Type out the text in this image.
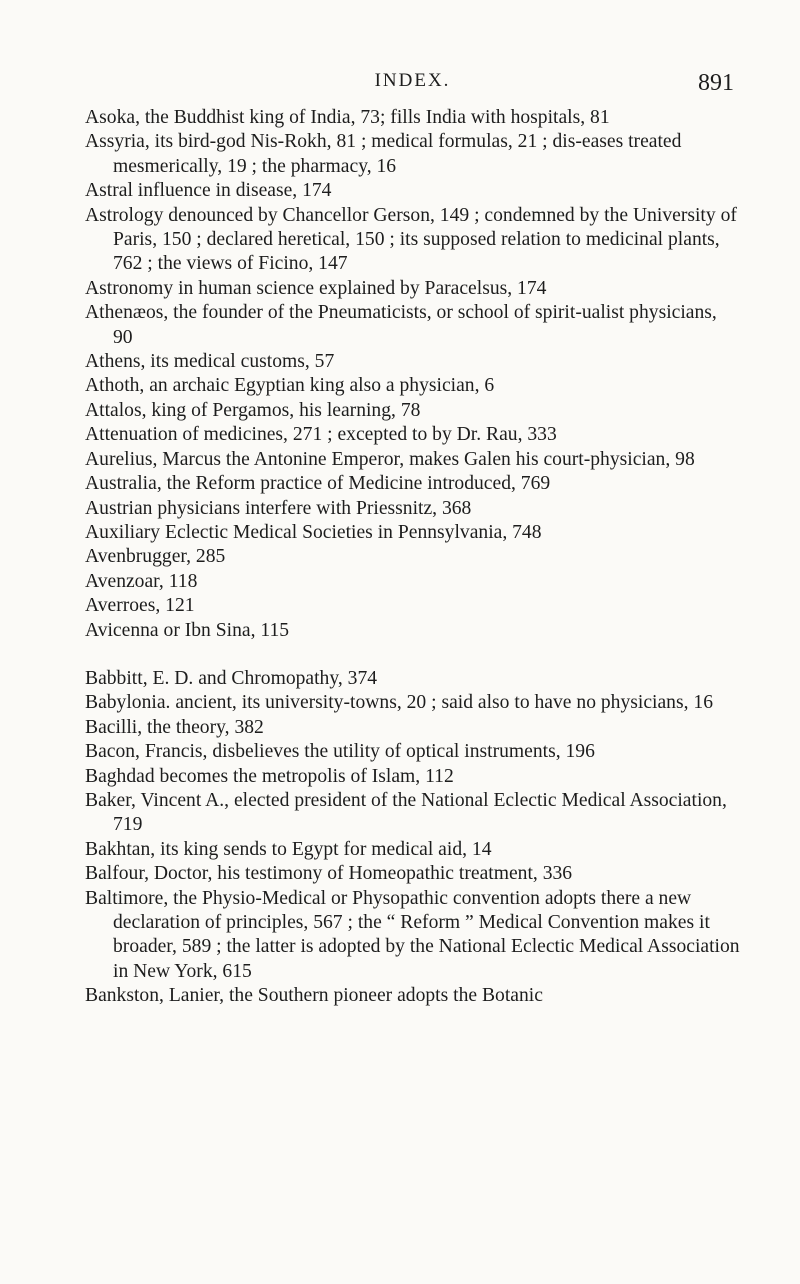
INDEX.	891

Asoka, the Buddhist king of India, 73; fills India with hospitals, 81

Assyria, its bird-god Nis-Rokh, 81 ; medical formulas, 21 ; dis-eases treated mesmerically, 19 ; the pharmacy, 16

Astral influence in disease, 174

Astrology denounced by Chancellor Gerson, 149 ; condemned by the University of Paris, 150 ; declared heretical, 150 ; its supposed relation to medicinal plants, 762 ; the views of Ficino, 147

Astronomy in human science explained by Paracelsus, 174

Athenæos, the founder of the Pneumaticists, or school of spirit-ualist physicians, 90

Athens, its medical customs, 57

Athoth, an archaic Egyptian king also a physician, 6

Attalos, king of Pergamos, his learning, 78

Attenuation of medicines, 271 ; excepted to by Dr. Rau, 333

Aurelius, Marcus the Antonine Emperor, makes Galen his court-physician, 98

Australia, the Reform practice of Medicine introduced, 769

Austrian physicians interfere with Priessnitz, 368

Auxiliary Eclectic Medical Societies in Pennsylvania, 748

Avenbrugger, 285

Avenzoar, 118

Averroes, 121

Avicenna or Ibn Sina, 115

Babbitt, E. D. and Chromopathy, 374

Babylonia. ancient, its university-towns, 20 ; said also to have no physicians, 16

Bacilli, the theory, 382

Bacon, Francis, disbelieves the utility of optical instruments, 196

Baghdad becomes the metropolis of Islam, 112

Baker, Vincent A., elected president of the National Eclectic Medical Association, 719

Bakhtan, its king sends to Egypt for medical aid, 14

Balfour, Doctor, his testimony of Homeopathic treatment, 336

Baltimore, the Physio-Medical or Physopathic convention adopts there a new declaration of principles, 567 ; the “ Reform ” Medical Convention makes it broader, 589 ; the latter is adopted by the National Eclectic Medical Association in New York, 615

Bankston, Lanier, the Southern pioneer adopts the Botanic
